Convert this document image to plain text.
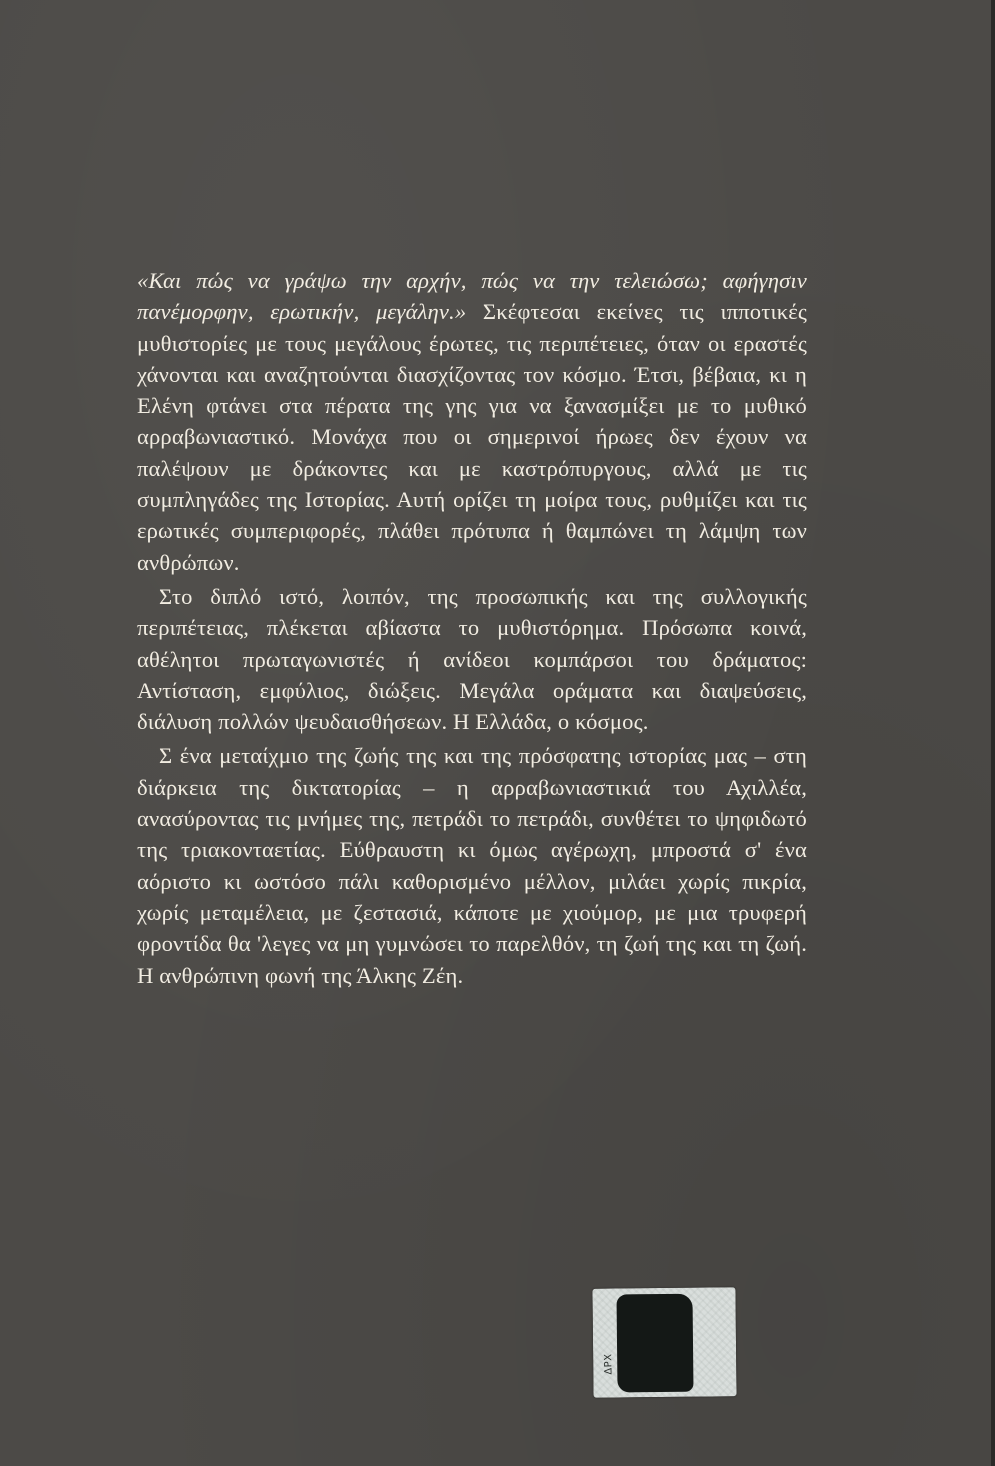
«Και πώς να γράψω την αρχήν, πώς να την τελειώσω; αφήγησιν πανέμορφην, ερωτικήν, μεγάλην.» Σκέφτεσαι εκείνες τις ιπποτικές μυθιστορίες με τους μεγάλους έρωτες, τις περιπέτειες, όταν οι εραστές χάνονται και αναζητούνται διασχίζοντας τον κόσμο. Έτσι, βέβαια, κι η Ελένη φτάνει στα πέρατα της γης για να ξανασμίξει με το μυθικό αρραβωνιαστικό. Μονάχα που οι σημερινοί ήρωες δεν έχουν να παλέψουν με δράκοντες και με καστρόπυργους, αλλά με τις συμπληγάδες της Ιστορίας. Αυτή ορίζει τη μοίρα τους, ρυθμίζει και τις ερωτικές συμπεριφορές, πλάθει πρότυπα ή θαμπώνει τη λάμψη των ανθρώπων.

Στο διπλό ιστό, λοιπόν, της προσωπικής και της συλλογικής περιπέτειας, πλέκεται αβίαστα το μυθιστόρημα. Πρόσωπα κοινά, αθέλητοι πρωταγωνιστές ή ανίδεοι κομπάρσοι του δράματος: Αντίσταση, εμφύλιος, διώξεις. Μεγάλα οράματα και διαψεύσεις, διάλυση πολλών ψευδαισθήσεων. Η Ελλάδα, ο κόσμος.

Σ ένα μεταίχμιο της ζωής της και της πρόσφατης ιστορίας μας – στη διάρκεια της δικτατορίας – η αρραβωνιαστικιά του Αχιλλέα, ανασύροντας τις μνήμες της, πετράδι το πετράδι, συνθέτει το ψηφιδωτό της τριακονταετίας. Εύθραυστη κι όμως αγέρωχη, μπροστά σ' ένα αόριστο κι ωστόσο πάλι καθορισμένο μέλλον, μιλάει χωρίς πικρία, χωρίς μεταμέλεια, με ζεστασιά, κάποτε με χιούμορ, με μια τρυφερή φροντίδα θα 'λεγες να μη γυμνώσει το παρελθόν, τη ζωή της και τη ζωή. Η ανθρώπινη φωνή της Άλκης Ζέη.

ΔΡΧ
